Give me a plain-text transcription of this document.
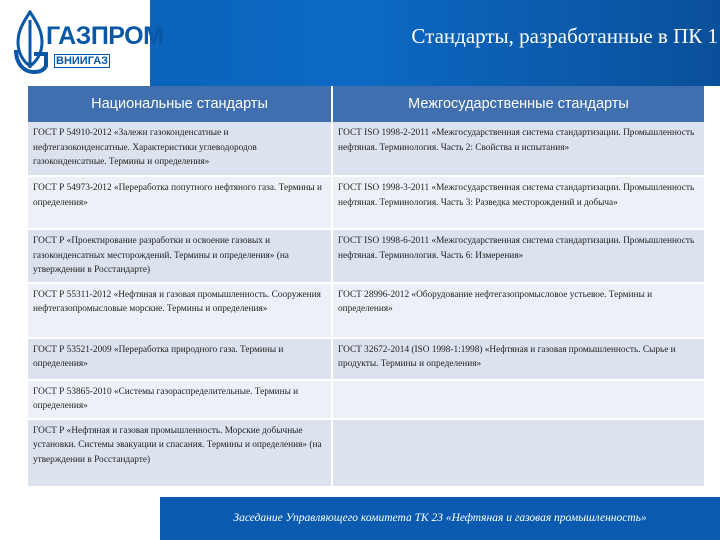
ГАЗПРОМ
ВНИИГАЗ
Стандарты, разработанные в ПК 1
Национальные стандарты	Межгосударственные стандарты
ГОСТ Р 54910-2012 «Залежи газоконденсатные и нефтегазоконденсатные. Характеристики углеводородов газоконденсатные. Термины и определения»	ГОСТ ISO 1998-2-2011 «Межгосударственная система стандартизации. Промышленность нефтяная. Терминология. Часть 2: Свойства и испытания»
ГОСТ Р 54973-2012 «Переработка попутного нефтяного газа. Термины и определения»	ГОСТ ISO 1998-3-2011 «Межгосударственная система стандартизации. Промышленность нефтяная. Терминология. Часть 3: Разведка месторождений и добыча»
ГОСТ Р «Проектирование разработки и освоение газовых и газоконденсатных месторождений. Термины и определения» (на утверждении в Росстандарте)	ГОСТ ISO 1998-6-2011 «Межгосударственная система стандартизации. Промышленность нефтяная. Терминология. Часть 6: Измерения»
ГОСТ Р 55311-2012 «Нефтяная и газовая промышленность. Сооружения нефтегазопромысловые морские. Термины и определения»	ГОСТ 28996-2012 «Оборудование нефтегазопромысловое устьевое. Термины и определения»
ГОСТ Р 53521-2009 «Переработка природного газа. Термины и определения»	ГОСТ 32672-2014 (ISO 1998-1:1998) «Нефтяная и газовая промышленность. Сырье и продукты. Термины и определения»
ГОСТ Р 53865-2010 «Системы газораспределительные. Термины и определения»	
ГОСТ Р «Нефтяная и газовая промышленность. Морские добычные установки. Системы эвакуации и спасания. Термины и определения» (на утверждении в Росстандарте)	
Заседание Управляющего комитета ТК 23 «Нефтяная и газовая промышленность»
